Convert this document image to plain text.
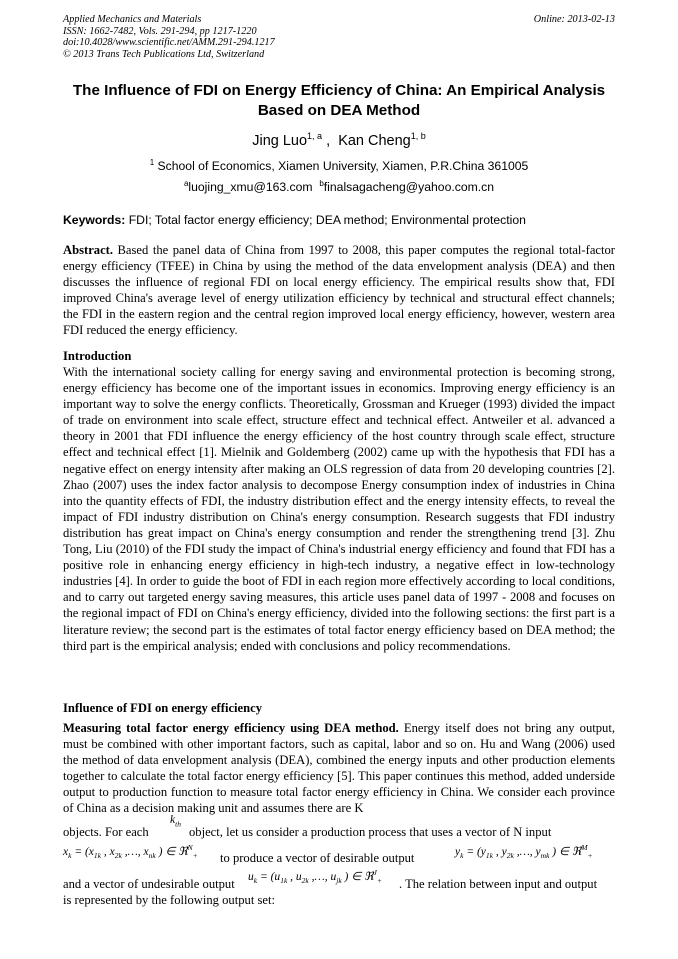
Applied Mechanics and Materials
ISSN: 1662-7482, Vols. 291-294, pp 1217-1220
doi:10.4028/www.scientific.net/AMM.291-294.1217
© 2013 Trans Tech Publications Ltd, Switzerland
Online: 2013-02-13
The Influence of FDI on Energy Efficiency of China: An Empirical Analysis Based on DEA Method
Jing Luo$^{1, a}$ , Kan Cheng$^{1, b}$
$^1$ School of Economics, Xiamen University, Xiamen, P.R.China 361005
$^a$luojing_xmu@163.com $^b$finalsagacheng@yahoo.com.cn
Keywords: FDI; Total factor energy efficiency; DEA method; Environmental protection
Abstract. Based the panel data of China from 1997 to 2008, this paper computes the regional total-factor energy efficiency (TFEE) in China by using the method of the data envelopment analysis (DEA) and then discusses the influence of regional FDI on local energy efficiency. The empirical results show that, FDI improved China's average level of energy utilization efficiency by technical and structural effect channels; the FDI in the eastern region and the central region improved local energy efficiency, however, western area FDI reduced the energy efficiency.
Introduction
With the international society calling for energy saving and environmental protection is becoming strong, energy efficiency has become one of the important issues in economics. Improving energy efficiency is an important way to solve the energy conflicts. Theoretically, Grossman and Krueger (1993) divided the impact of trade on environment into scale effect, structure effect and technical effect. Antweiler et al. advanced a theory in 2001 that FDI influence the energy efficiency of the host country through scale effect, structure effect and technical effect [1]. Mielnik and Goldemberg (2002) came up with the hypothesis that FDI has a negative effect on energy intensity after making an OLS regression of data from 20 developing countries [2]. Zhao (2007) uses the index factor analysis to decompose Energy consumption index of industries in China into the quantity effects of FDI, the industry distribution effect and the energy intensity effects, to reveal the impact of FDI industry distribution on China's energy consumption. Research suggests that FDI industry distribution has great impact on China's energy consumption and render the strengthening trend [3]. Zhu Tong, Liu (2010) of the FDI study the impact of China's industrial energy efficiency and found that FDI has a positive role in enhancing energy efficiency in high-tech industry, a negative effect in low-technology industries [4]. In order to guide the boot of FDI in each region more effectively according to local conditions, and to carry out targeted energy saving measures, this article uses panel data of 1997 - 2008 and focuses on the regional impact of FDI on China's energy efficiency, divided into the following sections: the first part is a literature review; the second part is the estimates of total factor energy efficiency based on DEA method; the third part is the empirical analysis; ended with conclusions and policy recommendations.
Influence of FDI on energy efficiency
Measuring total factor energy efficiency using DEA method. Energy itself does not bring any output, must be combined with other important factors, such as capital, labor and so on. Hu and Wang (2006) used the method of data envelopment analysis (DEA), combined the energy inputs and other production elements together to calculate the total factor energy efficiency [5]. This paper continues this method, added underside output to production function to measure total factor energy efficiency in China. We consider each province of China as a decision making unit and assumes there are K
objects. For each
$k_{th}$
object, let us consider a production process that uses a vector of N input
$x_k = (x_{1k}$ , $x_{2k}$ ,…, $x_{nk}$ ) ∈ ℜ$^N_+$ to produce a vector of desirable output	$y_k = (y_{1k}$ , $y_{2k}$ ,…, $y_{mk}$ ) ∈ ℜ$^M_+$
and a vector of undesirable output
$u_k = (u_{1k}$ , $u_{2k}$ ,…, $u_{jk}$ ) ∈ ℜ$^J_+$ . The relation between input and output
is represented by the following output set:
